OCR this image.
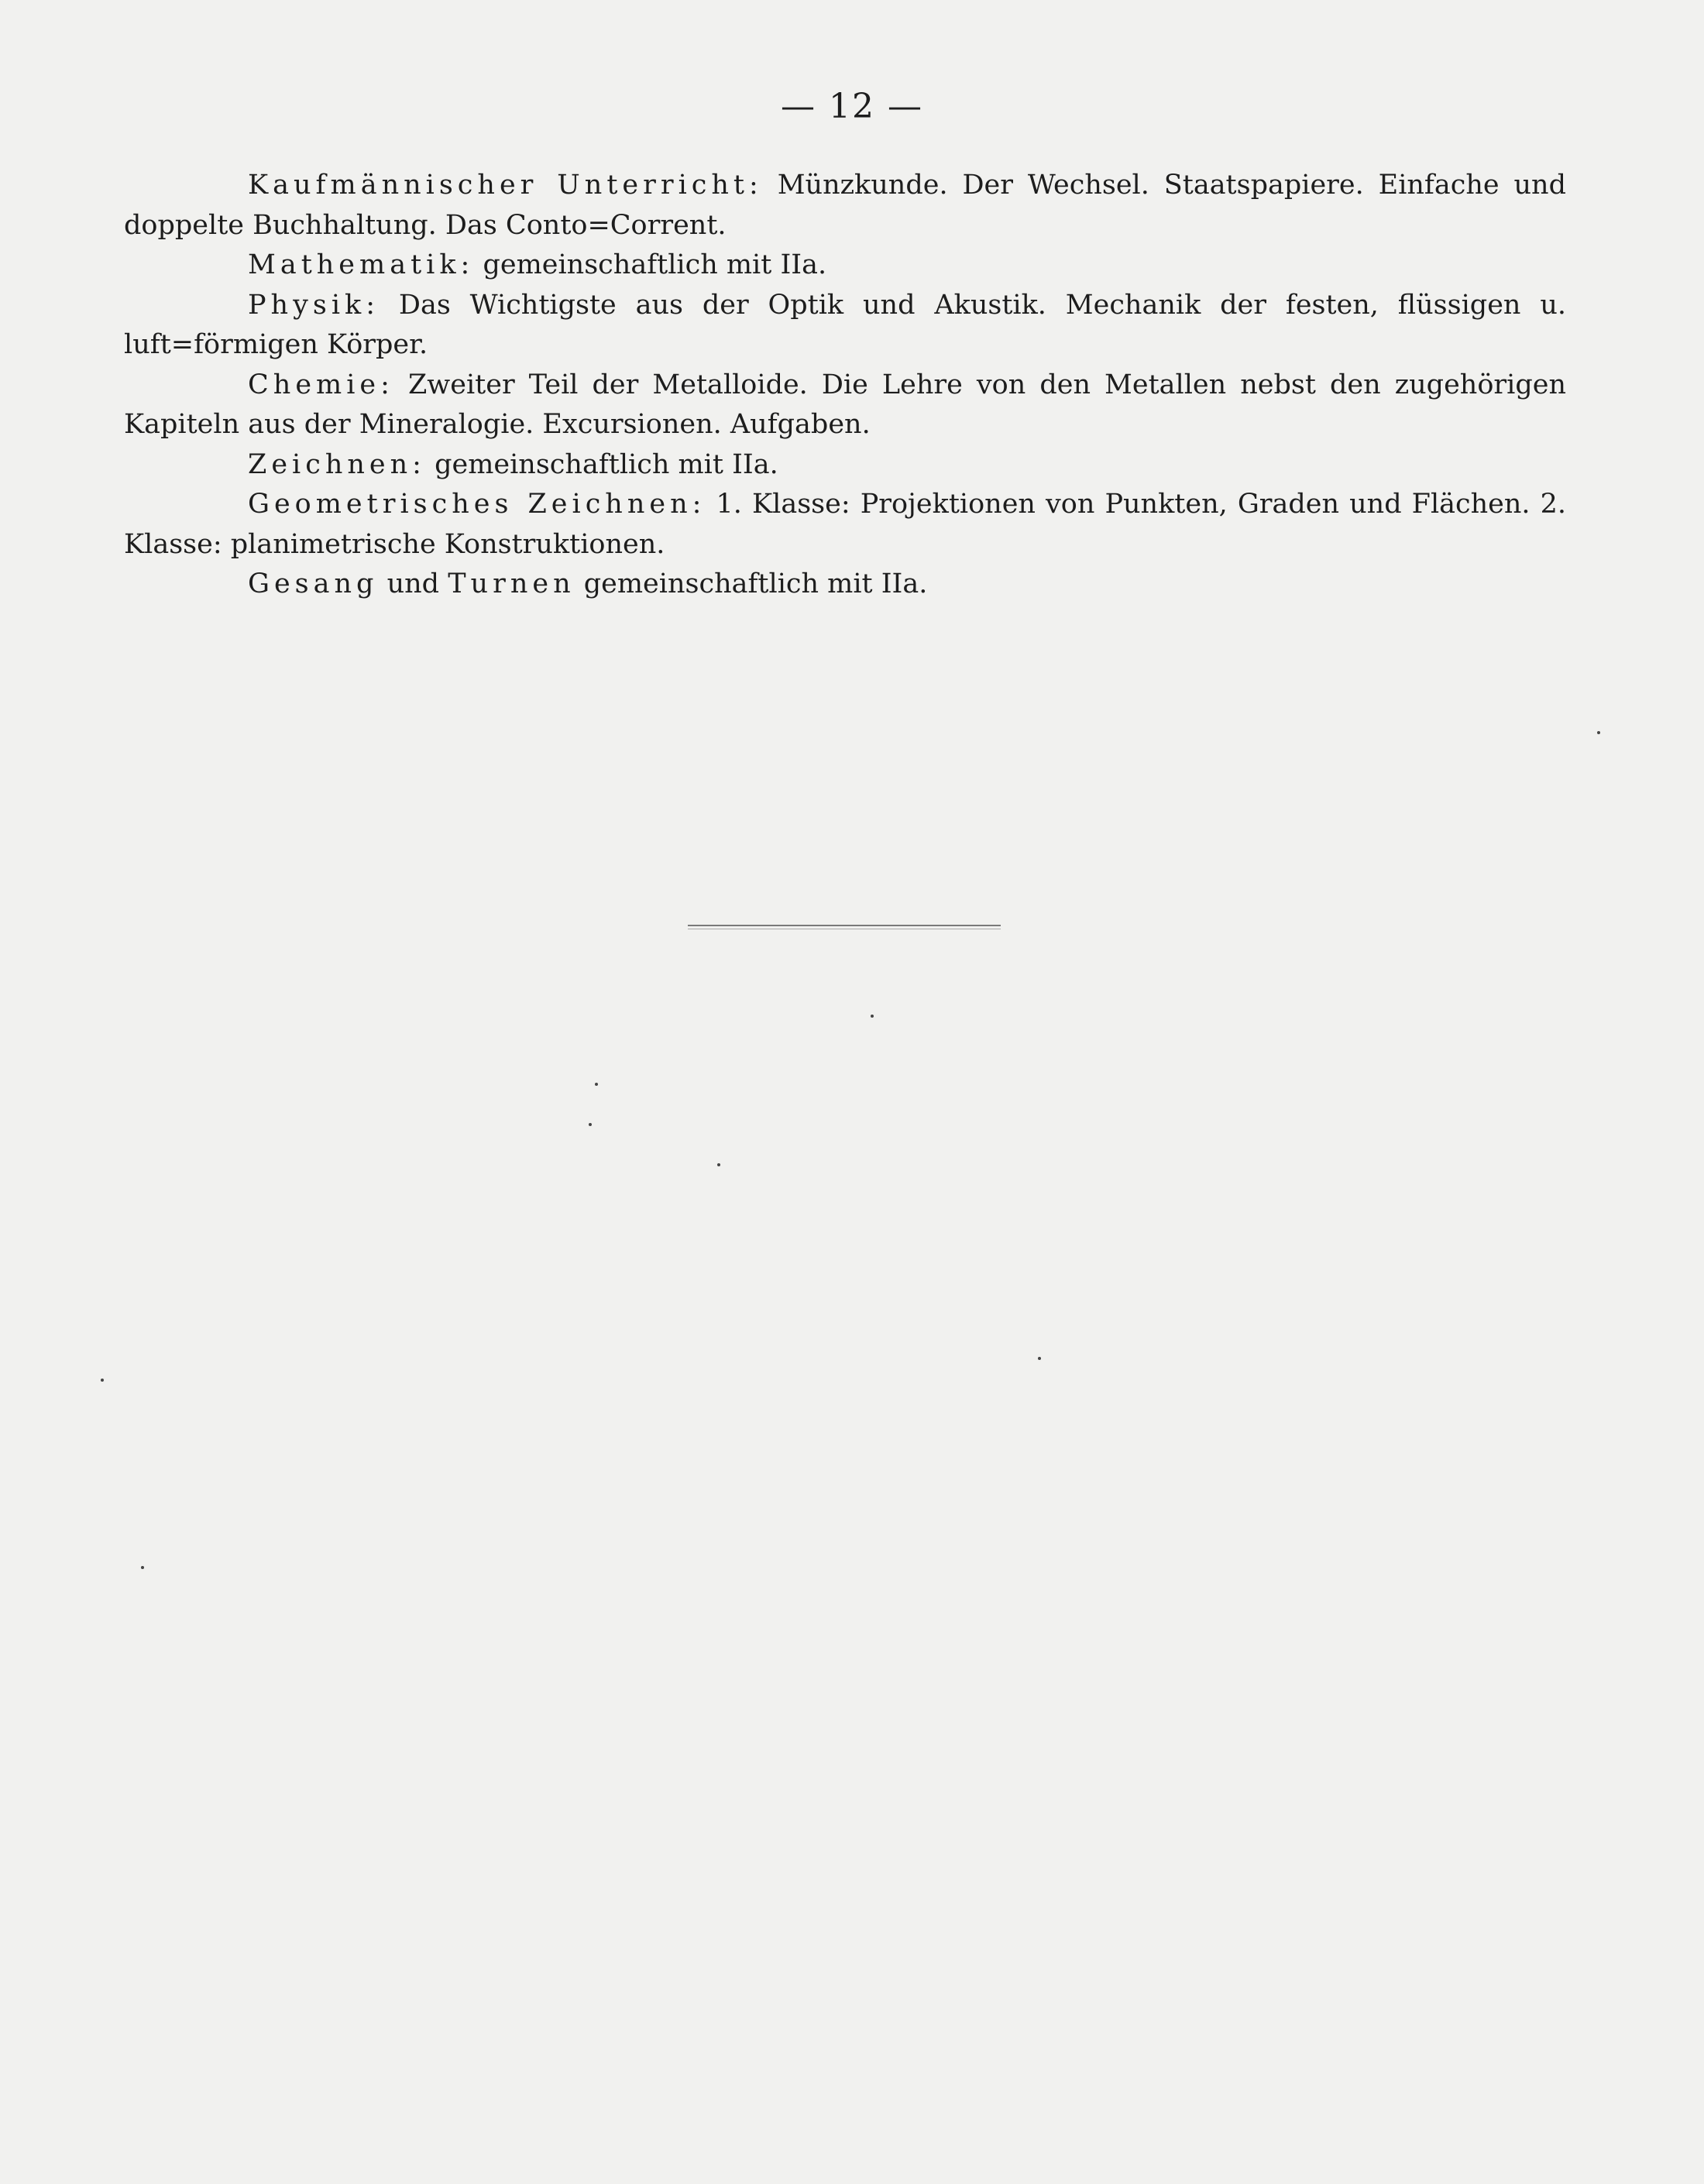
— 12 —

Kaufmännischer Unterricht: Münzkunde. Der Wechsel. Staatspapiere. Einfache und doppelte Buchhaltung. Das Conto=Corrent.

Mathematik: gemeinschaftlich mit IIa.

Physik: Das Wichtigste aus der Optik und Akustik. Mechanik der festen, flüssigen u. luft=förmigen Körper.

Chemie: Zweiter Teil der Metalloide. Die Lehre von den Metallen nebst den zugehörigen Kapiteln aus der Mineralogie. Excursionen. Aufgaben.

Zeichnen: gemeinschaftlich mit IIa.

Geometrisches Zeichnen: 1. Klasse: Projektionen von Punkten, Graden und Flächen. 2. Klasse: planimetrische Konstruktionen.

Gesang und Turnen gemeinschaftlich mit IIa.
